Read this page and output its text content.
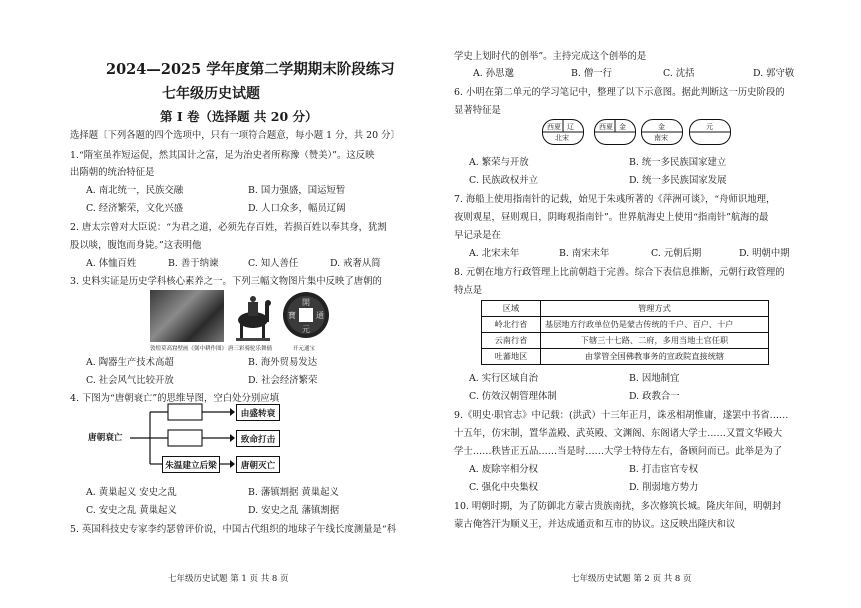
2024—2025 学年度第二学期期末阶段练习
七年级历史试题
第 I 卷（选择题 共 20 分）
选择题〔下列各题的四个选项中，只有一项符合题意，每小题 1 分，共 20 分〕
1.“隋室虽祚短运促，然其国计之富，足为治史者所称豫（赞美）”。这反映
出隋朝的统治特征是
A. 南北统一，民族交融	B. 国力强盛，国运短暂
C. 经济繁荣，文化兴盛	D. 人口众多，幅员辽阔
2. 唐太宗曾对大臣说：“为君之道，必须先存百姓，若损百姓以奉其身，犹割
股以啖，腹饱而身毙。”这表明他
A. 体恤百姓	B. 善于纳谏	C. 知人善任	D. 戒奢从简
3. 史料实证是历史学科核心素养之一。下列三幅文物图片集中反映了唐朝的
開
元
通
寶
敦煌莫高窟壁画《弼中耕作图》 唐三彩骑驼乐舞俑	开元通宝
A. 陶器生产技术高超	B. 海外贸易发达
C. 社会风气比较开放	D. 社会经济繁荣
4. 下图为“唐朝衰亡”的思维导图，空白处分别应填
唐朝衰亡
由盛转衰
致命打击
朱温建立后梁	唐朝灭亡
A. 黄巢起义 安史之乱	B. 藩镇割据 黄巢起义
C. 安史之乱 黄巢起义	D. 安史之乱 藩镇割据
5. 英国科技史专家李约瑟曾评价说，中国古代组织的地球子午线长度测量是“科
七年级历史试题 第 1 页 共 8 页
学史上划时代的创举”。主持完成这个创举的是
A. 孙思邈	B. 僧一行	C. 沈括	D. 郭守敬
6. 小明在第二单元的学习笔记中，整理了以下示意图。据此判断这一历史阶段的
显著特征是
西夏 辽
北宋
西夏 金	金
南宋
元
A. 繁荣与开放	B. 统一多民族国家建立
C. 民族政权并立	D. 统一多民族国家发展
7. 海船上使用指南针的记载，始见于朱彧所著的《萍洲可谈》，“舟师识地理，
夜则观星，昼则观日，阴晦观指南针”。世界航海史上使用“指南针”航海的最
早记录是在
A. 北宋末年	B. 南宋末年	C. 元朝后期	D. 明朝中期
8. 元朝在地方行政管理上比前朝趋于完善。综合下表信息推断，元朝行政管理的
特点是
区域	管理方式
岭北行省	基层地方行政单位仍是蒙古传统的千户、百户、十户
云南行省	下辖三十七路、二府，多用当地土官任职
吐蕃地区	由掌管全国佛教事务的宣政院直接统辖
A. 实行区域自治	B. 因地制宜
C. 仿效汉朝管理体制	D. 政教合一
9.《明史·职官志》中记载：(洪武）十三年正月，诛丞相胡惟庸，遂罢中书省……
十五年，仿宋制，置华盖殿、武英殿、文渊阁、东阁诸大学士……又置文华殿大
学士……秩皆正五品……当是时……大学士特侍左右，备顾问而已。此举是为了
A. 废除宰相分权	B. 打击宦官专权
C. 强化中央集权	D. 削弱地方势力
10. 明朝时期，为了防御北方蒙古贵族南扰，多次修筑长城。隆庆年间，明朝封
蒙古俺答汗为顺义王，并达成通贡和互市的协议。这反映出隆庆和议
七年级历史试题 第 2 页 共 8 页
